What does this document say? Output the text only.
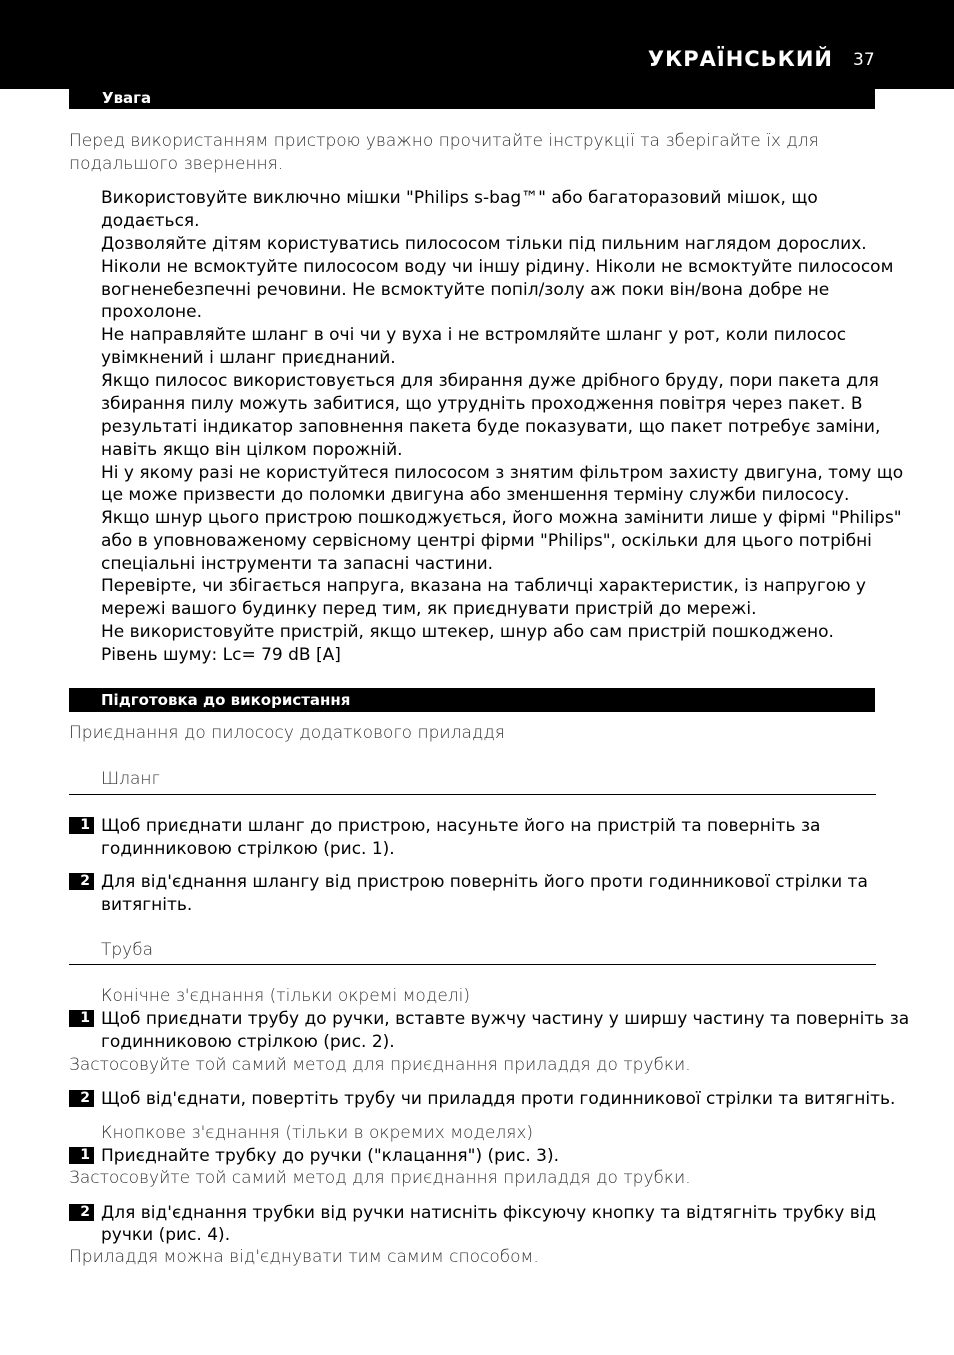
УКРАЇНСЬКИЙ 37
Увага
Перед використанням пристрою уважно прочитайте інструкції та зберігайте їх для
подальшого звернення.
Використовуйте виключно мішки "Philips s-bag™" або багаторазовий мішок, що
додається.
Дозволяйте дітям користуватись пилососом тільки під пильним наглядом дорослих.
Ніколи не всмоктуйте пилососом воду чи іншу рідину. Ніколи не всмоктуйте пилососом
вогненебезпечні речовини. Не всмоктуйте попіл/золу аж поки він/вона добре не
прохолоне.
Не направляйте шланг в очі чи у вуха і не встромляйте шланг у рот, коли пилосос
увімкнений і шланг приєднаний.
Якщо пилосос використовується для збирання дуже дрібного бруду, пори пакета для
збирання пилу можуть забитися, що утрудніть проходження повітря через пакет. В
результаті індикатор заповнення пакета буде показувати, що пакет потребує заміни,
навіть якщо він цілком порожній.
Ні у якому разі не користуйтеся пилососом з знятим фільтром захисту двигуна, тому що
це може призвести до поломки двигуна або зменшення терміну служби пилососу.
Якщо шнур цього пристрою пошкоджується, його можна замінити лише у фірмі "Philips"
або в уповноваженому сервісному центрі фірми "Philips", оскільки для цього потрібні
спеціальні інструменти та запасні частини.
Перевірте, чи збігається напруга, вказана на табличці характеристик, із напругою у
мережі вашого будинку перед тим, як приєднувати пристрій до мережі.
Не використовуйте пристрій, якщо штекер, шнур або сам пристрій пошкоджено.
Рівень шуму: Lc= 79 dB [A]
Підготовка до використання
Приєднання до пилососу додаткового приладдя
Шланг
1 Щоб приєднати шланг до пристрою, насуньте його на пристрій та поверніть за
годинниковою стрілкою (рис. 1).
2 Для від'єднання шлангу від пристрою поверніть його проти годинникової стрілки та
витягніть.
Труба
Конічне з'єднання (тільки окремі моделі)
1 Щоб приєднати трубу до ручки, вставте вужчу частину у ширшу частину та поверніть за
годинниковою стрілкою (рис. 2).
Застосовуйте той самий метод для приєднання приладдя до трубки.
2 Щоб від'єднати, повертіть трубу чи приладдя проти годинникової стрілки та витягніть.
Кнопкове з'єднання (тільки в окремих моделях)
1 Приєднайте трубку до ручки ("клацання") (рис. 3).
Застосовуйте той самий метод для приєднання приладдя до трубки.
2 Для від'єднання трубки від ручки натисніть фіксуючу кнопку та відтягніть трубку від
ручки (рис. 4).
Приладдя можна від'єднувати тим самим способом.
